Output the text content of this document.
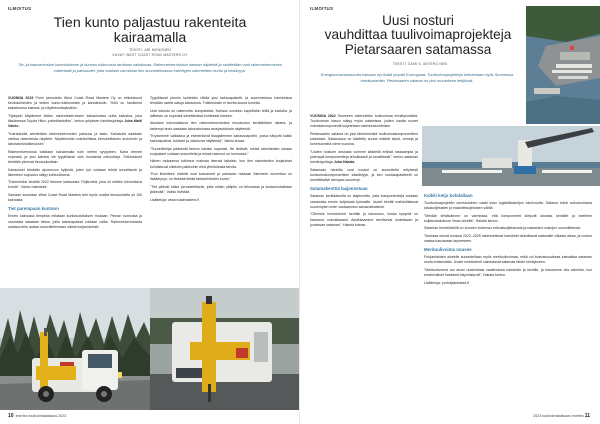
ILMOITUS
Tien kunto paljastuu rakenteita
kairaamalla
TEKSTI: ARI MONONEN
KUVAT: WEST COAST ROAD MASTERS OY
Tie- ja katuverkoston kuntotuloksen ja kunnon tutkimusta tarvitaan kaikaksiaa. Rakennekerroksista otetaan näytteitä ja selvitetään ovat rakennekerroksen materiaalit ja paksuudet, jotta voidaan varmistaa tien suunnitelmassa esitettyjen rakenteiden kunto ja kestävyys.

VUONNA 2019 Porin perustettu West Coast Road Masters Oy on erikoistunut tieolosuhteiden ja teiden kunto-tutkimuksiin ja kartoituksiin. Yhtiö on hankkinut kalustoonsa kairaus- ja näytteenottoyksikön.

"Nykyisin käytämme teiden rakennekerroksen kairauksissa uutta kalustoa, joka tilauksessa Toyota Hilux -pakettiautoihin", kertoo yrityksen toimitusjohtaja Juha-Matti Vainio.

"Kairauksilla selvitetään rakennekerrosten paksuus ja laatu. Kalustolla saadaan otettua rakenteista näytteet. Näytteenotto mahdollistaa kerroksittaisen arvioinnin ja laboratoriotutkimukset."

Rakennekerroksia tutkitaan kairaamalla noin metrin syvyyteen. Kaira etenee nopeasti, ja yksi kairaus vie tyypillisesti vain muutamia minuutteja. Tutkimukset tehdään yleensä tieosuuksittain.

Kairaukset tehdään ajoneuvon kyljestä, joten työ voidaan tehdä turvallisesti ja liikenteen sujuvuus säilyy kohtuullisena.

"Esimerkiksi kesällä 2022 teimme kairauksia Ylöjärvellä, joka oli erittäin kiinnostava kohde", Vainio mainitsee.

Samaan suuntaan West Coast Road Masters teki myös uusilta tieosuuksilta yli 100 kairausta.

Tiet parempaan kuntoon

Ennen kairausta tienpinta mitataan kuntoluokituksen mukaan. Pinnan kunnosta ja vaurioista saadaan tietoa, joilla kairauspaikat voidaan valita. Rakennekerroksista saatava tieto auttaa suunnittelemaan oikeat korjaustoimet.

Tyypillisesti pieniin kohteisiin riittää yksi kairauspaketti, ja suuremmissa hankkeissa tehdään useita satoja kairauksia. Tutkimuksiin ei tarvita suuria koneita.

Uusi kalusto on rakennettu kompaktiksi. Kairaus onnistuu kapeillakin teillä ja kaduilla, ja laitteisto on nopeasti siirrettävissä kohteesta toiseen.

Alustava kokonaiskuva tien rakennekerroksista muodostuu kenttätöiden aikana, ja tarkempi arvio saadaan laboratoriossa analysoiduista näytteistä.

"Kryssimme vaikkaina ja esimerkkinä tilaajallemme kairausraportin, jossa näkyvät kaikki kairauspaikat, tulokset ja valokuvat näytteistä", Vainio kuvaa.

"Suunnittelijat pääsevät tietoon käsiksi nopeasti. He tietävät, minkä rakenteiden varaan korjaukset voidaan suunnitella ja missä rakenne on kunnossa."

Hänen mukaansa tutkimus maksaa itsensä takaisin, kun tien rakenteiden korjaukset kohdistuvat oikeisiin paikkoihin eikä ylimitoitusta tarvita.

"Kun liikenteen määrät ovat kasvaneet ja painavan raskaan liikenteen kuormitus on lisääntynyt, on tärkeää tietää tarkasti tiestön kunto."

"Tiet pitävät tutkia perusteellisesti, jotta niiden ylläpito on tehokasta ja kustannuksiltaan järkevää", Vainio tiivistää.

Lisätietoja: www.roadmasters.fi

10 enertec tuulivoimakatsaus 2023
ILMOITUS
Uusi nosturi
vauhdittaa tuulivoimaprojekteja
Pietarsaaren satamassa
TEKSTI: SAMI S. ANTERO NEN
Energiaomavaraisuutta haluaan nyt lisätä ympäri Eurooppaa. Tuulivoimaprojekteja toteutetaan myös Suomessa ennätystahtiin. Pietarsaaren satama on yksi muutoksen tekijöistä.

VUOSINA 2022 Suomeen rakennettiin tuulivoimaa ennätysmäärä. Tuulivoiman kasvu näkyy myös satamissa, joiden kautta suuret voimalakomponentit kuljetetaan rakennuskohteisiin.

Pietarsaaren satama on yksi tärkeimmistä tuulivoimakomponenttien satamista. Satamassa on käsitelty suuria määriä siipiä, torneja ja konehuoneita viime vuosina.

"Uuden nosturin ansiosta voimme käsitellä entistä raskaampia ja pidempiä komponentteja tehokkaasti ja turvallisesti", kertoo sataman toimitusjohtaja Juha Hakala.

Satamaan hankittu uusi nosturi on suunniteltu erityisesti tuulivoimakomponenttien käsittelyyn, ja sen nostokapasiteetti on merkittävästi aiempaa suurempi.

Satamakenttiä laajennetaan

Sataman kenttäalueita on laajennettu, jotta komponentteja voidaan varastoida ennen kuljetusta työmaille. Uudet kentät mahdollistavat suurempien erien vastaanoton samanaikaisesti.

"Olemme investoineet kenttiin ja kalustoon, koska kysyntä on kasvanut voimakkaasti. Asiakkaamme tarvitsevat luotettavan ja joustavan sataman", Hakala toteaa.

Kaikki ketju kohdallaan

Tuulivoimaprojektin onnistuminen vaatii koko logistiikkaketjun toimivuutta. Satama toimii solmukohtana laivakuljetusten ja maantiekuljetusten välillä.

"Meidän tehtävämme on varmistaa, että komponentit siirtyvät laivasta kentälle ja edelleen kuljetuskalustoon ilman viiveitä", Hakala kertoo.

Sataman henkilöstöllä on vuosien kokemus erikoiskuljetuksista ja raskaiden nostojen suunnittelusta.

Tiedossa olevat vuosina 2022–2025 rakennettavat hankkeet tarkoittavat satamalle vilkasta aikaa, ja nosturi vastaa kasvavaan tarpeeseen.

Merituulivoima nousee

Pohjanlahden alueelle suunnitellaan myös merituulivoimaa, mikä voi tulevaisuudessa kasvattaa sataman roolia entisestään. Uudet investoinnit valmistavat satamaa tähän kehitykseen.

"Merituulivoima tuo aivan uudenlaisia vaatimuksia kalustolle ja kentille, ja haluamme olla valmiina, kun ensimmäiset hankkeet käynnistyvät", Hakala kertoo.

Lisätietoja: portofjakobstad.fi

2023 tuulivoimakatsaus enertec 11
